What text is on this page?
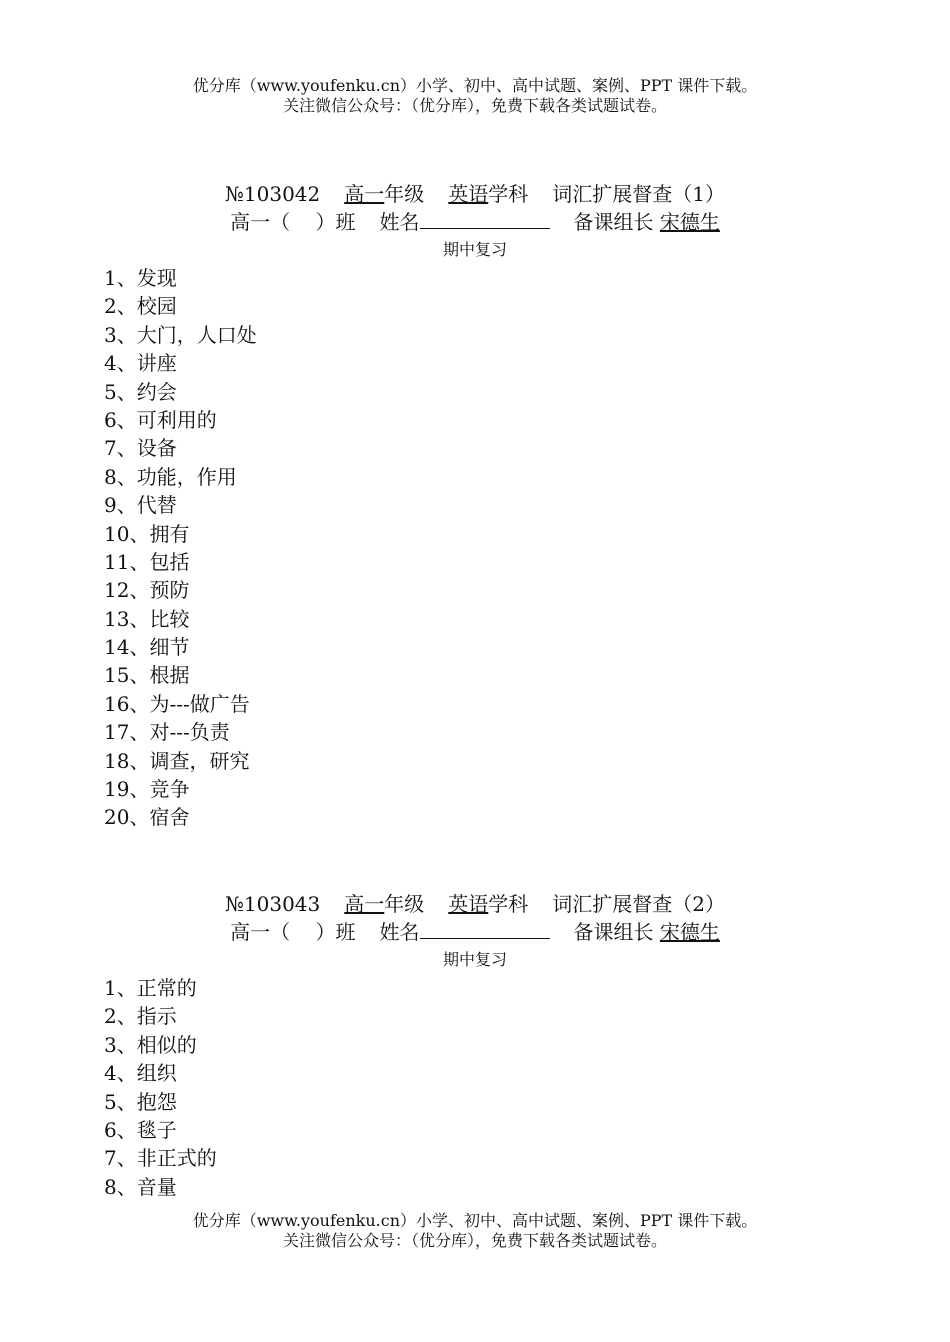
优分库（www.youfenku.cn）小学、初中、高中试题、案例、PPT 课件下载。
关注微信公众号：（优分库），免费下载各类试题试卷。
№103042 高一年级 英语学科 词汇扩展督查（1）
高一（    ）班 姓名	备课组长 宋德生
期中复习
1、发现
2、校园
3、大门，人口处
4、讲座
5、约会
6、可利用的
7、设备
8、功能，作用
9、代替
10、拥有
11、包括
12、预防
13、比较
14、细节
15、根据
16、为---做广告
17、对---负责
18、调查，研究
19、竞争
20、宿舍
№103043 高一年级 英语学科 词汇扩展督查（2）
高一（    ）班 姓名	备课组长 宋德生
期中复习
1、正常的
2、指示
3、相似的
4、组织
5、抱怨
6、毯子
7、非正式的
8、音量
优分库（www.youfenku.cn）小学、初中、高中试题、案例、PPT 课件下载。
关注微信公众号：（优分库），免费下载各类试题试卷。
